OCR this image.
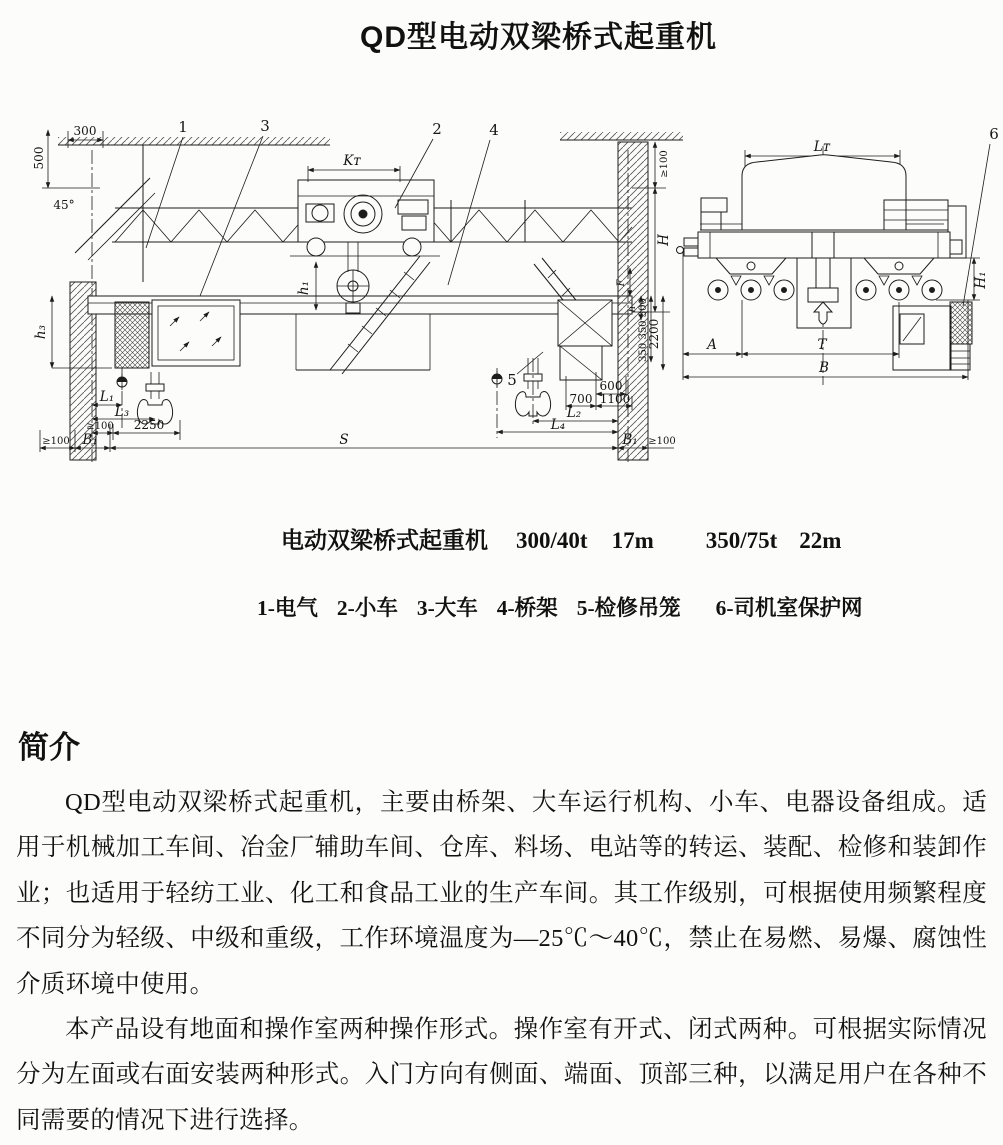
QD型电动双梁桥式起重机
300
500
45°
Kᴛ
h₁
1	3	2	4
5
≥100
H
F
h 350 350 300
2200
600
700 1100
h₃
L₁
L₃
≥100 2250
≥100 B₁	S	B₁ ≥100
L₂
L₄
Lᴛ
6
H₁
A	T
B
电动双梁桥式起重机 300/40t 17m 350/75t 22m
1-电气 2-小车 3-大车 4-桥架 5-检修吊笼 6-司机室保护网
简介

QD型电动双梁桥式起重机，主要由桥架、大车运行机构、小车、电器设备组成。适用于机械加工车间、冶金厂辅助车间、仓库、料场、电站等的转运、装配、检修和装卸作业；也适用于轻纺工业、化工和食品工业的生产车间。其工作级别，可根据使用频繁程度不同分为轻级、中级和重级，工作环境温度为—25℃～40℃，禁止在易燃、易爆、腐蚀性介质环境中使用。

本产品设有地面和操作室两种操作形式。操作室有开式、闭式两种。可根据实际情况分为左面或右面安装两种形式。入门方向有侧面、端面、顶部三种，以满足用户在各种不同需要的情况下进行选择。
